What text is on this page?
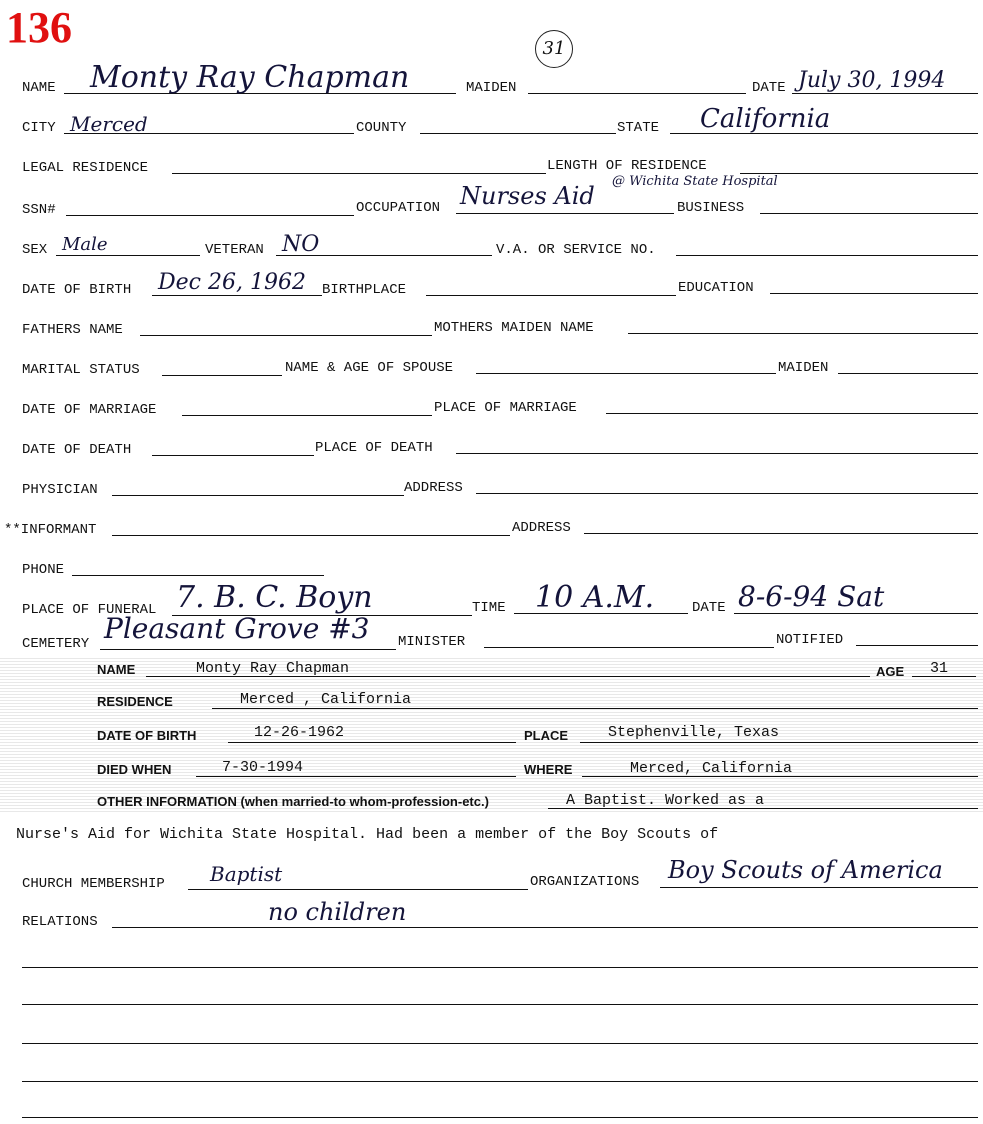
136	31
NAME Monty Ray Chapman	MAIDEN	DATE July 30, 1994
CITY Merced	COUNTY	STATE California
LEGAL RESIDENCE	LENGTH OF RESIDENCE
SSN#	OCCUPATION Nurses Aid
@ Wichita State Hospital
BUSINESS
SEX Male	VETERAN NO	V.A. OR SERVICE NO.
DATE OF BIRTH Dec 26, 1962 BIRTHPLACE	EDUCATION
FATHERS NAME	MOTHERS MAIDEN NAME
MARITAL STATUS	NAME & AGE OF SPOUSE	MAIDEN
DATE OF MARRIAGE	PLACE OF MARRIAGE
DATE OF DEATH	PLACE OF DEATH
PHYSICIAN	ADDRESS
**INFORMANT	ADDRESS
PHONE
PLACE OF FUNERAL 7. B. C. Boyn	TIME 10 A.M.	DATE 8-6-94 Sat
CEMETERY Pleasant Grove #3 MINISTER	NOTIFIED
NAME	Monty Ray Chapman	AGE 31
RESIDENCE	Merced , California
DATE OF BIRTH	12-26-1962	PLACE	Stephenville, Texas
DIED WHEN	7-30-1994	WHERE	Merced, California
OTHER INFORMATION (when married-to whom-profession-etc.)	A Baptist. Worked as a
Nurse's Aid for Wichita State Hospital. Had been a member of the Boy Scouts of
CHURCH MEMBERSHIP Baptist	ORGANIZATIONS Boy Scouts of America
RELATIONS	no children
